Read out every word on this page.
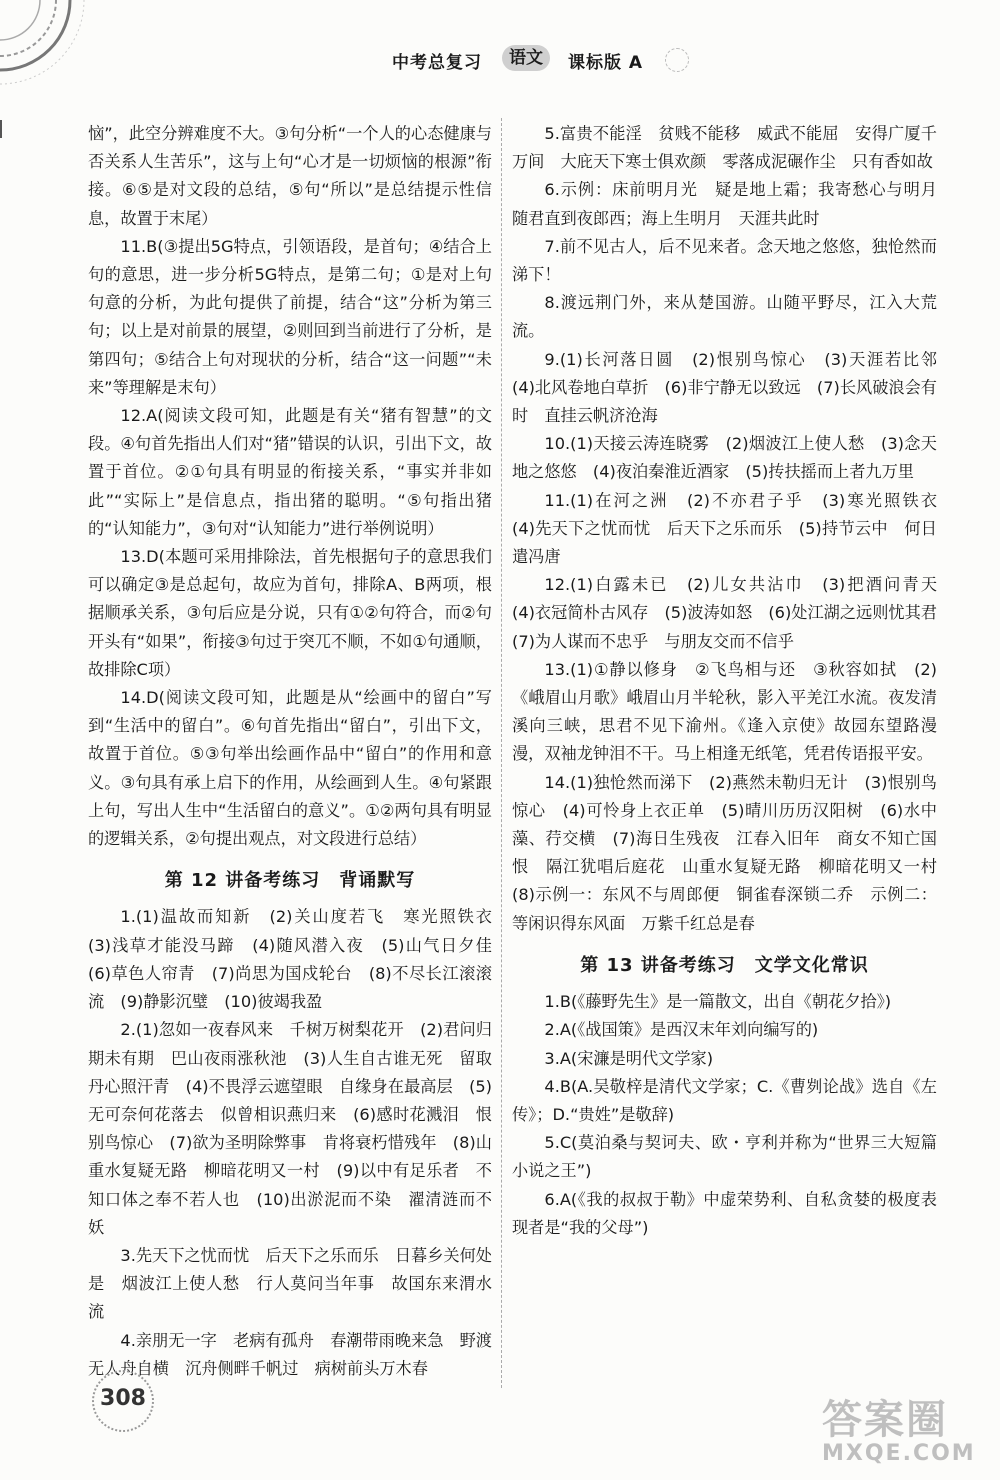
中考总复习	语文	课标版 A

恼”，此空分辨难度不大。③句分析“一个人的心态健康与否关系人生苦乐”，这与上句“心才是一切烦恼的根源”衔接。⑥⑤是对文段的总结，⑤句“所以”是总结提示性信息，故置于末尾）

11.B(③提出5G特点，引领语段，是首句；④结合上句的意思，进一步分析5G特点，是第二句；①是对上句句意的分析，为此句提供了前提，结合“这”分析为第三句；以上是对前景的展望，②则回到当前进行了分析，是第四句；⑤结合上句对现状的分析，结合“这一问题”“未来”等理解是末句）

12.A(阅读文段可知，此题是有关“猪有智慧”的文段。④句首先指出人们对“猪”错误的认识，引出下文，故置于首位。②①句具有明显的衔接关系，“事实并非如此”“实际上”是信息点，指出猪的聪明。“⑤句指出猪的“认知能力”，③句对“认知能力”进行举例说明）

13.D(本题可采用排除法，首先根据句子的意思我们可以确定③是总起句，故应为首句，排除A、B两项，根据顺承关系，③句后应是分说，只有①②句符合，而②句开头有“如果”，衔接③句过于突兀不顺，不如①句通顺，故排除C项）

14.D(阅读文段可知，此题是从“绘画中的留白”写到“生活中的留白”。⑥句首先指出“留白”，引出下文，故置于首位。⑤③句举出绘画作品中“留白”的作用和意义。③句具有承上启下的作用，从绘画到人生。④句紧跟上句，写出人生中“生活留白的意义”。①②两句具有明显的逻辑关系，②句提出观点，对文段进行总结）

第 12 讲备考练习　背诵默写

1.(1)温故而知新　(2)关山度若飞　寒光照铁衣　(3)浅草才能没马蹄　(4)随风潜入夜　(5)山气日夕佳　(6)草色人帘青　(7)尚思为国戍轮台　(8)不尽长江滚滚流　(9)静影沉璧　(10)彼竭我盈

2.(1)忽如一夜春风来　千树万树梨花开　(2)君问归期未有期　巴山夜雨涨秋池　(3)人生自古谁无死　留取丹心照汗青　(4)不畏浮云遮望眼　自缘身在最高层　(5)无可奈何花落去　似曾相识燕归来　(6)感时花溅泪　恨别鸟惊心　(7)欲为圣明除弊事　肯将衰朽惜残年　(8)山重水复疑无路　柳暗花明又一村　(9)以中有足乐者　不知口体之奉不若人也　(10)出淤泥而不染　濯清涟而不妖

3.先天下之忧而忧　后天下之乐而乐　日暮乡关何处是　烟波江上使人愁　行人莫问当年事　故国东来渭水流

4.亲朋无一字　老病有孤舟　春潮带雨晚来急　野渡无人舟自横　沉舟侧畔千帆过　病树前头万木春

5.富贵不能淫　贫贱不能移　威武不能屈　安得广厦千万间　大庇天下寒士俱欢颜　零落成泥碾作尘　只有香如故

6.示例：床前明月光　疑是地上霜；我寄愁心与明月　随君直到夜郎西；海上生明月　天涯共此时

7.前不见古人，后不见来者。念天地之悠悠，独怆然而涕下！

8.渡远荆门外，来从楚国游。山随平野尽，江入大荒流。

9.(1)长河落日圆　(2)恨别鸟惊心　(3)天涯若比邻　(4)北风卷地白草折　(6)非宁静无以致远　(7)长风破浪会有时　直挂云帆济沧海

10.(1)天接云涛连晓雾　(2)烟波江上使人愁　(3)念天地之悠悠　(4)夜泊秦淮近酒家　(5)抟扶摇而上者九万里

11.(1)在河之洲　(2)不亦君子乎　(3)寒光照铁衣　(4)先天下之忧而忧　后天下之乐而乐　(5)持节云中　何日遣冯唐

12.(1)白露未已　(2)儿女共沾巾　(3)把酒问青天　(4)衣冠简朴古风存　(5)波涛如怒　(6)处江湖之远则忧其君　(7)为人谋而不忠乎　与朋友交而不信乎

13.(1)①静以修身　②飞鸟相与还　③秋容如拭　(2)《峨眉山月歌》峨眉山月半轮秋，影入平羌江水流。夜发清溪向三峡，思君不见下渝州。《逢入京使》故园东望路漫漫，双袖龙钟泪不干。马上相逢无纸笔，凭君传语报平安。

14.(1)独怆然而涕下　(2)燕然未勒归无计　(3)恨别鸟惊心　(4)可怜身上衣正单　(5)晴川历历汉阳树　(6)水中藻、荇交横　(7)海日生残夜　江春入旧年　商女不知亡国恨　隔江犹唱后庭花　山重水复疑无路　柳暗花明又一村　(8)示例一：东风不与周郎便　铜雀春深锁二乔　示例二：等闲识得东风面　万紫千红总是春

第 13 讲备考练习　文学文化常识

1.B(《藤野先生》是一篇散文，出自《朝花夕拾》)

2.A(《战国策》是西汉末年刘向编写的)

3.A(宋濂是明代文学家)

4.B(A.吴敬梓是清代文学家；C.《曹刿论战》选自《左传》；D.“贵姓”是敬辞)

5.C(莫泊桑与契诃夫、欧・亨利并称为“世界三大短篇小说之王”)

6.A(《我的叔叔于勒》中虚荣势利、自私贪婪的极度表现者是“我的父母”)

308	答案圈
MXQE.COM
